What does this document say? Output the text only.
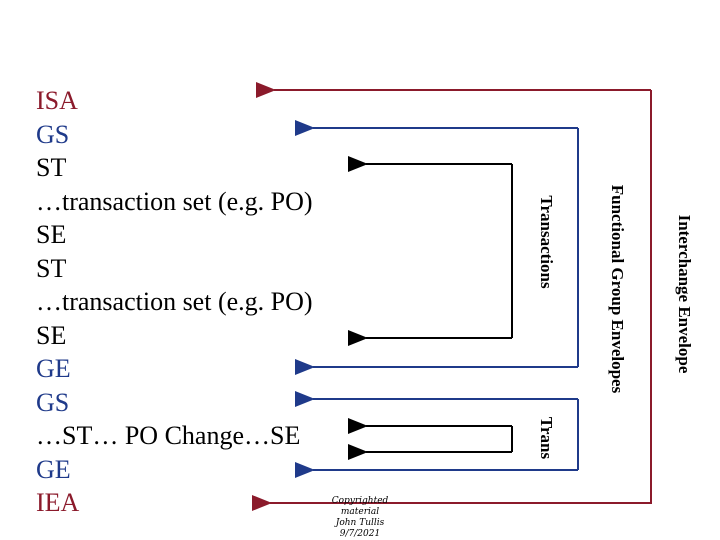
ISA
GS
ST
…transaction set (e.g. PO)
SE
ST
…transaction set (e.g. PO)
SE
GE
GS
…ST… PO Change…SE
GE
IEA
Interchange Envelope
Functional Group Envelopes
Transactions
Trans
Copyrighted material
John Tullis
9/7/2021
